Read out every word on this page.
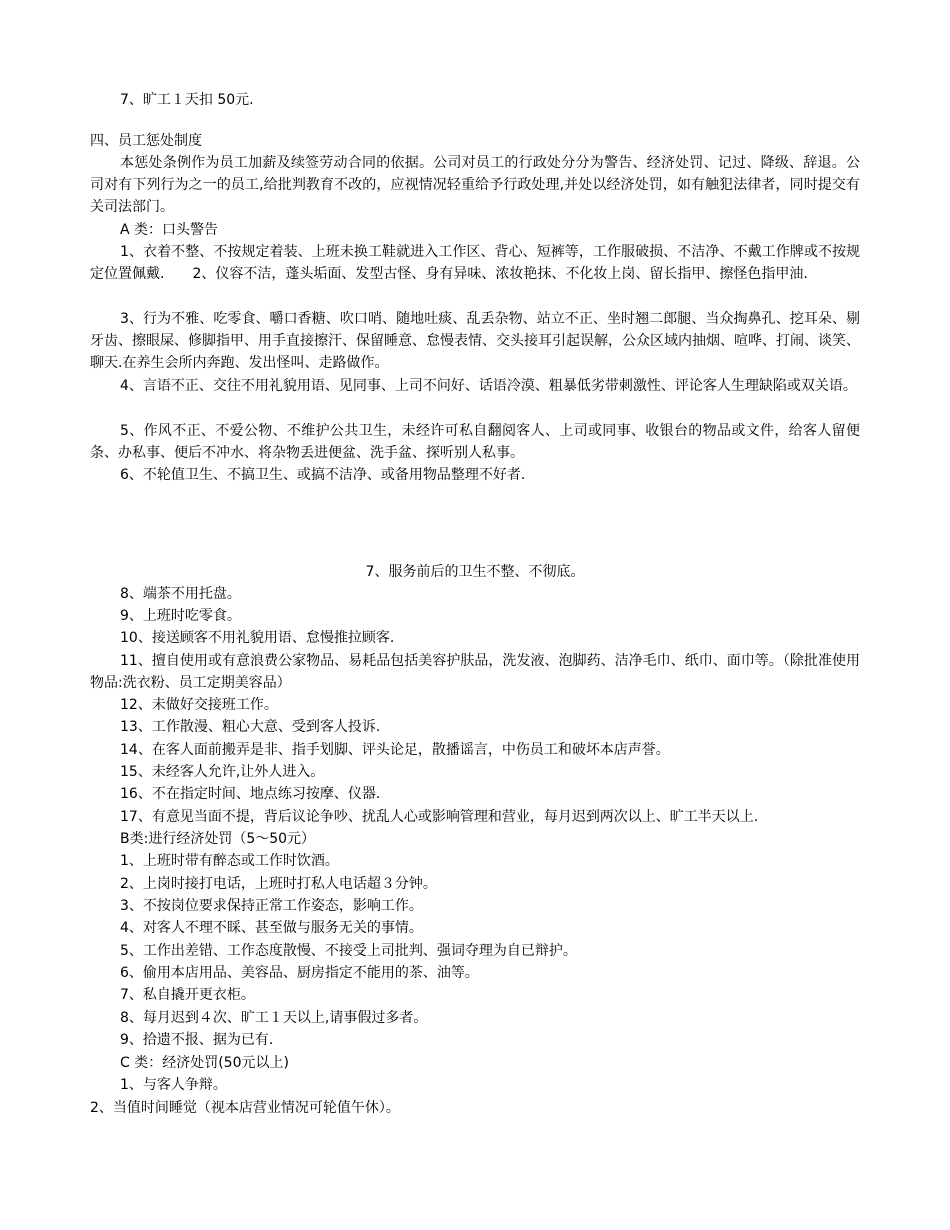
7、旷工１天扣 50元.
四、员工惩处制度
本惩处条例作为员工加薪及续签劳动合同的依据。公司对员工的行政处分分为警告、经济处罚、记过、降级、辞退。公司对有下列行为之一的员工,给批判教育不改的，应视情况轻重给予行政处理,并处以经济处罚，如有触犯法律者，同时提交有关司法部门。
A 类：口头警告
1、衣着不整、不按规定着装、上班未换工鞋就进入工作区、背心、短裤等，工作服破损、不洁净、不戴工作牌或不按规定位置佩戴.　　2、仪容不洁，蓬头垢面、发型古怪、身有异味、浓妆艳抹、不化妆上岗、留长指甲、擦怪色指甲油.
3、行为不雅、吃零食、嚼口香糖、吹口哨、随地吐痰、乱丢杂物、站立不正、坐时翘二郎腿、当众掏鼻孔、挖耳朵、剔牙齿、擦眼屎、修脚指甲、用手直接擦汗、保留睡意、怠慢表情、交头接耳引起误解，公众区域内抽烟、喧哗、打闹、谈笑、聊天.在养生会所内奔跑、发出怪叫、走路做作。
4、言语不正、交往不用礼貌用语、见同事、上司不问好、话语冷漠、粗暴低劣带刺激性、评论客人生理缺陷或双关语。
5、作风不正、不爱公物、不维护公共卫生，未经许可私自翻阅客人、上司或同事、收银台的物品或文件，给客人留便条、办私事、便后不冲水、将杂物丢进便盆、洗手盆、探听别人私事。
6、不轮值卫生、不搞卫生、或搞不洁净、或备用物品整理不好者.
7、服务前后的卫生不整、不彻底。
8、端茶不用托盘。
9、上班时吃零食。
10、接送顾客不用礼貌用语、怠慢推拉顾客.
11、擅自使用或有意浪费公家物品、易耗品包括美容护肤品，洗发液、泡脚药、洁净毛巾、纸巾、面巾等。（除批准使用物品:洗衣粉、员工定期美容品）
12、未做好交接班工作。
13、工作散漫、粗心大意、受到客人投诉.
14、在客人面前搬弄是非、指手划脚、评头论足，散播谣言，中伤员工和破坏本店声誉。
15、未经客人允许,让外人进入。
16、不在指定时间、地点练习按摩、仪器.
17、有意见当面不提，背后议论争吵、扰乱人心或影响管理和营业，每月迟到两次以上、旷工半天以上.
B类:进行经济处罚（5～50元）
1、上班时带有醉态或工作时饮酒。
2、上岗时接打电话，上班时打私人电话超３分钟。
3、不按岗位要求保持正常工作姿态，影响工作。
4、对客人不理不睬、甚至做与服务无关的事情。
5、工作出差错、工作态度散慢、不接受上司批判、强词夺理为自已辩护。
6、偷用本店用品、美容品、厨房指定不能用的茶、油等。
7、私自撬开更衣柜。
8、每月迟到４次、旷工１天以上,请事假过多者。
9、拾遗不报、据为已有.
C 类：经济处罚(50元以上)
1、与客人争辩。
2、当值时间睡觉（视本店营业情况可轮值午休）。
